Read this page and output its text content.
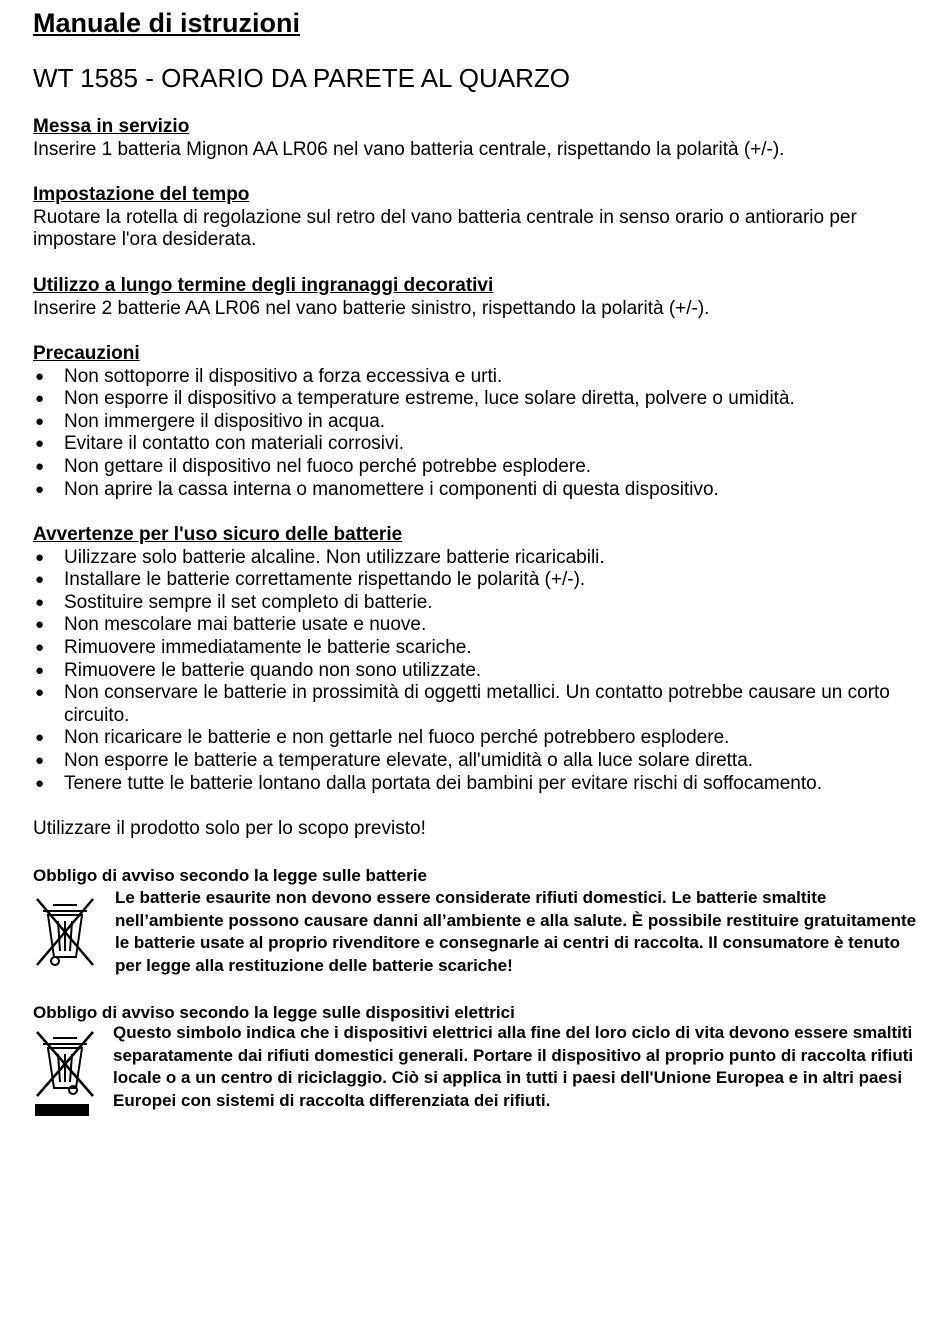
Manuale di istruzioni
WT 1585 - ORARIO DA PARETE AL QUARZO

Messa in servizio

Inserire 1 batteria Mignon AA LR06 nel vano batteria centrale, rispettando la polarità (+/-).

Impostazione del tempo

Ruotare la rotella di regolazione sul retro del vano batteria centrale in senso orario o antiorario per impostare l'ora desiderata.

Utilizzo a lungo termine degli ingranaggi decorativi

Inserire 2 batterie AA LR06 nel vano batterie sinistro, rispettando la polarità (+/-).

Precauzioni

● Non sottoporre il dispositivo a forza eccessiva e urti.
● Non esporre il dispositivo a temperature estreme, luce solare diretta, polvere o umidità.
● Non immergere il dispositivo in acqua.
● Evitare il contatto con materiali corrosivi.
● Non gettare il dispositivo nel fuoco perché potrebbe esplodere.
● Non aprire la cassa interna o manomettere i componenti di questa dispositivo.

Avvertenze per l'uso sicuro delle batterie

● Uilizzare solo batterie alcaline. Non utilizzare batterie ricaricabili.
● Installare le batterie correttamente rispettando le polarità (+/-).
● Sostituire sempre il set completo di batterie.
● Non mescolare mai batterie usate e nuove.
● Rimuovere immediatamente le batterie scariche.
● Rimuovere le batterie quando non sono utilizzate.
● Non conservare le batterie in prossimità di oggetti metallici. Un contatto potrebbe causare un corto circuito.
● Non ricaricare le batterie e non gettarle nel fuoco perché potrebbero esplodere.
● Non esporre le batterie a temperature elevate, all'umidità o alla luce solare diretta.
● Tenere tutte le batterie lontano dalla portata dei bambini per evitare rischi di soffocamento.

Utilizzare il prodotto solo per lo scopo previsto!

Obbligo di avviso secondo la legge sulle batterie

Le batterie esaurite non devono essere considerate rifiuti domestici. Le batterie smaltite nell’ambiente possono causare danni all’ambiente e alla salute. È possibile restituire gratuitamente le batterie usate al proprio rivenditore e consegnarle ai centri di raccolta. Il consumatore è tenuto per legge alla restituzione delle batterie scariche!

Obbligo di avviso secondo la legge sulle dispositivi elettrici

Questo simbolo indica che i dispositivi elettrici alla fine del loro ciclo di vita devono essere smaltiti separatamente dai rifiuti domestici generali. Portare il dispositivo al proprio punto di raccolta rifiuti locale o a un centro di riciclaggio. Ciò si applica in tutti i paesi dell'Unione Europea e in altri paesi Europei con sistemi di raccolta differenziata dei rifiuti.
